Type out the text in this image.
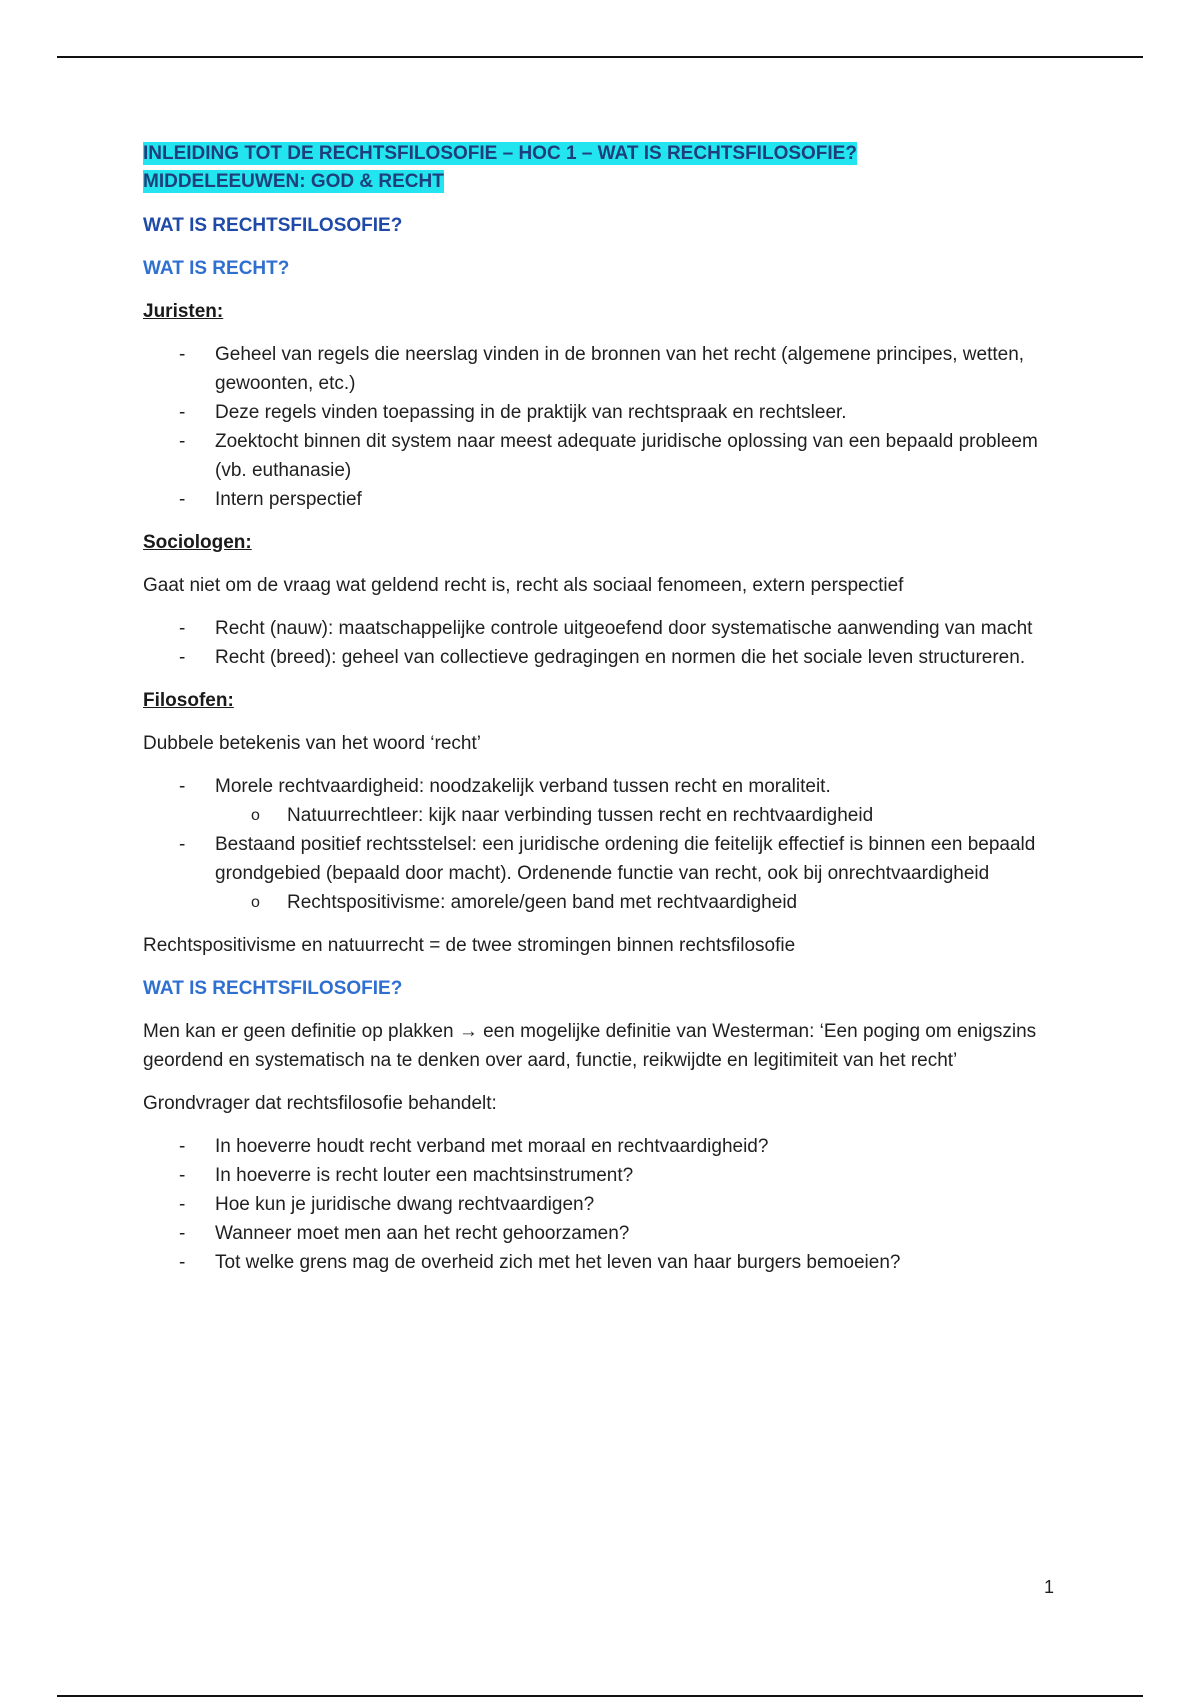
INLEIDING TOT DE RECHTSFILOSOFIE – HOC 1 – WAT IS RECHTSFILOSOFIE?
MIDDELEEUWEN: GOD & RECHT
WAT IS RECHTSFILOSOFIE?
WAT IS RECHT?
Juristen:
- Geheel van regels die neerslag vinden in de bronnen van het recht (algemene principes, wetten, gewoonten, etc.)
- Deze regels vinden toepassing in de praktijk van rechtspraak en rechtsleer.
- Zoektocht binnen dit system naar meest adequate juridische oplossing van een bepaald probleem (vb. euthanasie)
- Intern perspectief
Sociologen:

Gaat niet om de vraag wat geldend recht is, recht als sociaal fenomeen, extern perspectief

- Recht (nauw): maatschappelijke controle uitgeoefend door systematische aanwending van macht
- Recht (breed): geheel van collectieve gedragingen en normen die het sociale leven structureren.
Filosofen:

Dubbele betekenis van het woord ‘recht’

- Morele rechtvaardigheid: noodzakelijk verband tussen recht en moraliteit.
o Natuurrechtleer: kijk naar verbinding tussen recht en rechtvaardigheid
- Bestaand positief rechtsstelsel: een juridische ordening die feitelijk effectief is binnen een bepaald grondgebied (bepaald door macht). Ordenende functie van recht, ook bij onrechtvaardigheid
o Rechtspositivisme: amorele/geen band met rechtvaardigheid

Rechtspositivisme en natuurrecht = de twee stromingen binnen rechtsfilosofie

WAT IS RECHTSFILOSOFIE?

Men kan er geen definitie op plakken → een mogelijke definitie van Westerman: ‘Een poging om enigszins geordend en systematisch na te denken over aard, functie, reikwijdte en legitimiteit van het recht’

Grondvrager dat rechtsfilosofie behandelt:

- In hoeverre houdt recht verband met moraal en rechtvaardigheid?
- In hoeverre is recht louter een machtsinstrument?
- Hoe kun je juridische dwang rechtvaardigen?
- Wanneer moet men aan het recht gehoorzamen?
- Tot welke grens mag de overheid zich met het leven van haar burgers bemoeien?
1
